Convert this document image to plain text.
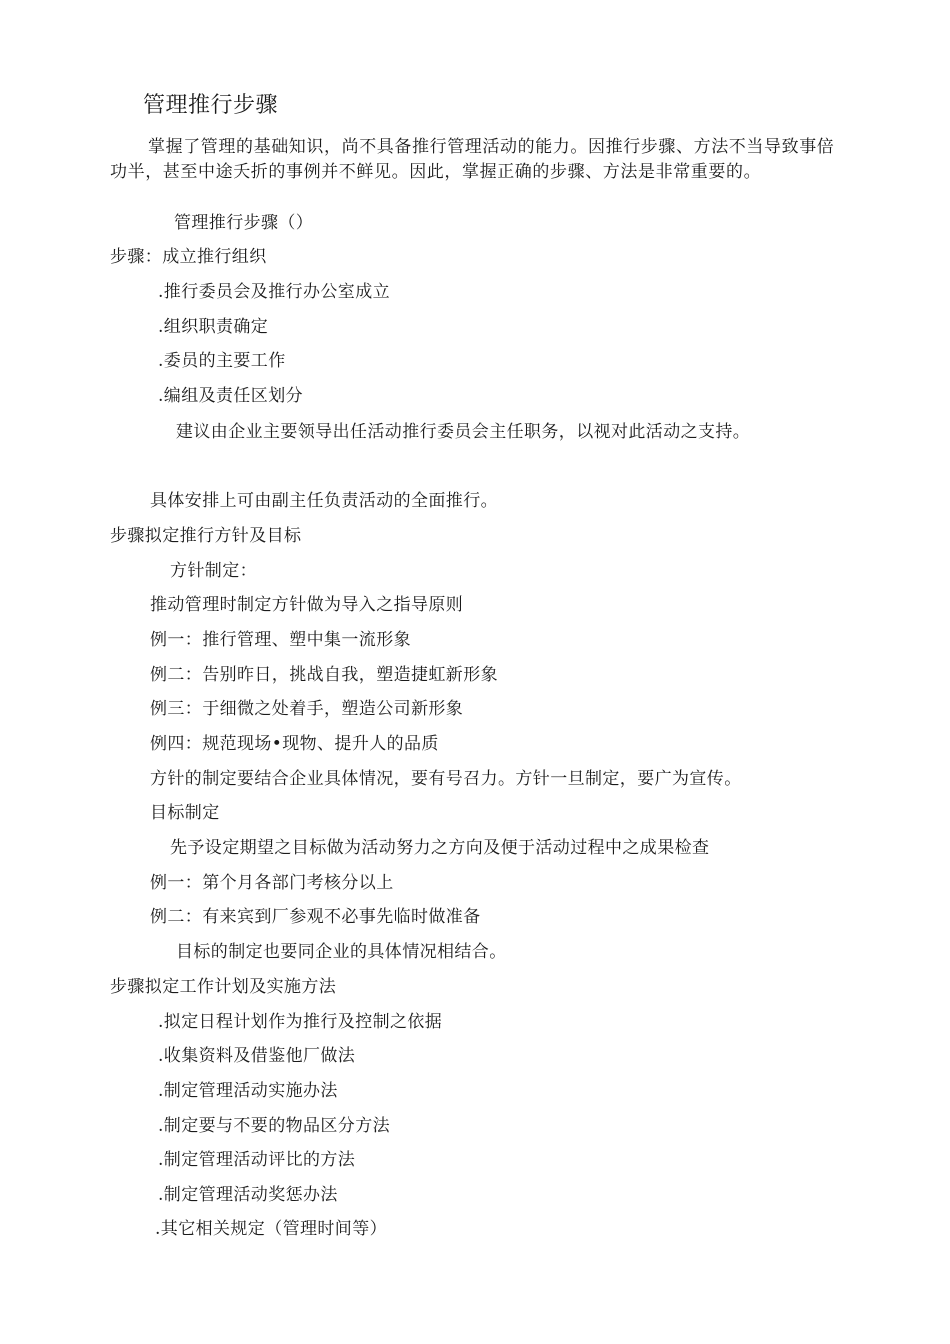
管理推行步骤
掌握了管理的基础知识，尚不具备推行管理活动的能力。因推行步骤、方法不当导致事倍功半，甚至中途夭折的事例并不鲜见。因此，掌握正确的步骤、方法是非常重要的。
管理推行步骤（）
步骤：成立推行组织
.推行委员会及推行办公室成立
.组织职责确定
.委员的主要工作
.编组及责任区划分
建议由企业主要领导出任活动推行委员会主任职务，以视对此活动之支持。
具体安排上可由副主任负责活动的全面推行。
步骤拟定推行方针及目标
方针制定：
推动管理时制定方针做为导入之指导原则
例一：推行管理、塑中集一流形象
例二：告别昨日，挑战自我，塑造捷虹新形象
例三：于细微之处着手，塑造公司新形象
例四：规范现场•现物、提升人的品质
方针的制定要结合企业具体情况，要有号召力。方针一旦制定，要广为宣传。
目标制定
先予设定期望之目标做为活动努力之方向及便于活动过程中之成果检查
例一：第个月各部门考核分以上
例二：有来宾到厂参观不必事先临时做准备
目标的制定也要同企业的具体情况相结合。
步骤拟定工作计划及实施方法
.拟定日程计划作为推行及控制之依据
.收集资料及借鉴他厂做法
.制定管理活动实施办法
.制定要与不要的物品区分方法
.制定管理活动评比的方法
.制定管理活动奖惩办法
.其它相关规定（管理时间等）
